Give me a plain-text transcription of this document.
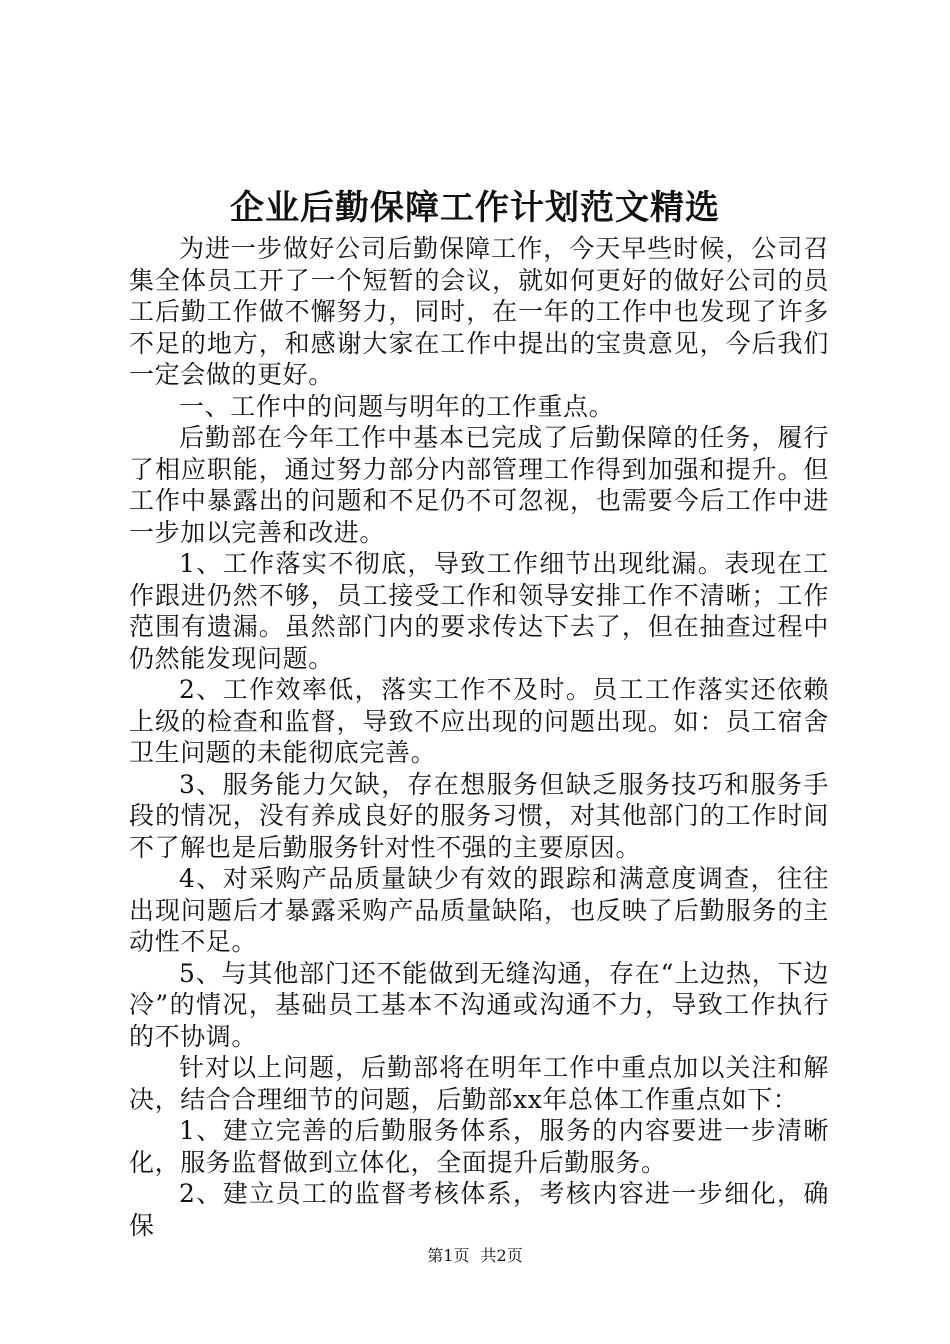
企业后勤保障工作计划范文精选

为进一步做好公司后勤保障工作，今天早些时候，公司召集全体员工开了一个短暂的会议，就如何更好的做好公司的员工后勤工作做不懈努力，同时，在一年的工作中也发现了许多不足的地方，和感谢大家在工作中提出的宝贵意见，今后我们一定会做的更好。

一、工作中的问题与明年的工作重点。

后勤部在今年工作中基本已完成了后勤保障的任务，履行了相应职能，通过努力部分内部管理工作得到加强和提升。但工作中暴露出的问题和不足仍不可忽视，也需要今后工作中进一步加以完善和改进。

1、工作落实不彻底，导致工作细节出现纰漏。表现在工作跟进仍然不够，员工接受工作和领导安排工作不清晰；工作范围有遗漏。虽然部门内的要求传达下去了，但在抽查过程中仍然能发现问题。

2、工作效率低，落实工作不及时。员工工作落实还依赖上级的检查和监督，导致不应出现的问题出现。如：员工宿舍卫生问题的未能彻底完善。

3、服务能力欠缺，存在想服务但缺乏服务技巧和服务手段的情况，没有养成良好的服务习惯，对其他部门的工作时间不了解也是后勤服务针对性不强的主要原因。

4、对采购产品质量缺少有效的跟踪和满意度调查，往往出现问题后才暴露采购产品质量缺陷，也反映了后勤服务的主动性不足。

5、与其他部门还不能做到无缝沟通，存在“上边热，下边冷”的情况，基础员工基本不沟通或沟通不力，导致工作执行的不协调。

针对以上问题，后勤部将在明年工作中重点加以关注和解决，结合合理细节的问题，后勤部xx年总体工作重点如下：

1、建立完善的后勤服务体系，服务的内容要进一步清晰化，服务监督做到立体化，全面提升后勤服务。

2、建立员工的监督考核体系，考核内容进一步细化，确保

第1页 共2页
